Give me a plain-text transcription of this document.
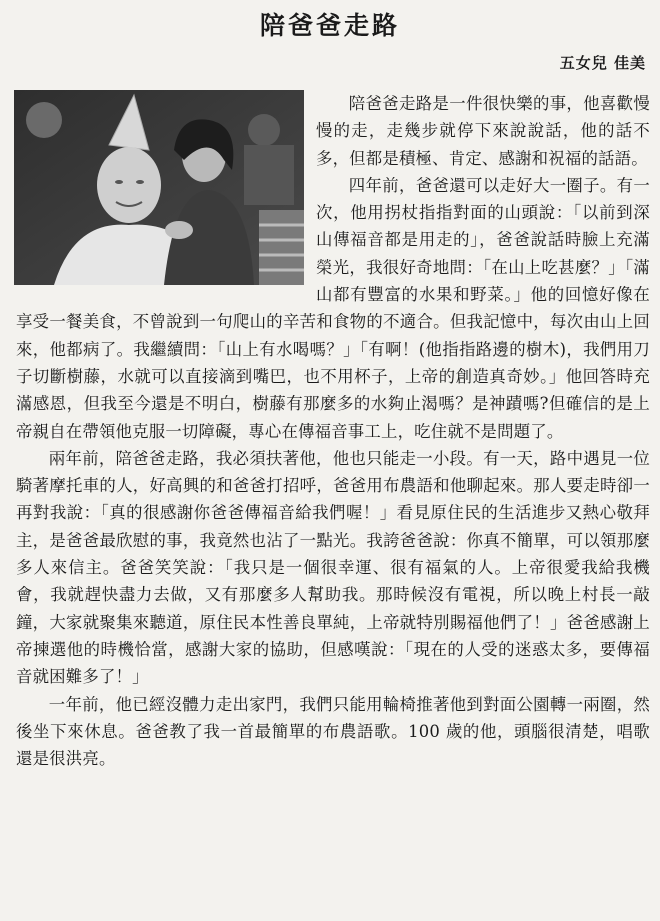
陪爸爸走路
五女兒 佳美

陪爸爸走路是一件很快樂的事，他喜歡慢慢的走，走幾步就停下來說說話，他的話不多，但都是積極、肯定、感謝和祝福的話語。

四年前，爸爸還可以走好大一圈子。有一次，他用拐杖指指對面的山頭說：「以前到深山傳福音都是用走的」，爸爸說話時臉上充滿榮光，我很好奇地問：「在山上吃甚麼？」「滿山都有豐富的水果和野菜。」他的回憶好像在享受一餐美食，不曾說到一句爬山的辛苦和食物的不適合。但我記憶中，每次由山上回來，他都病了。我繼續問：「山上有水喝嗎？」「有啊！(他指指路邊的樹木)，我們用刀子切斷樹藤，水就可以直接滴到嘴巴，也不用杯子，上帝的創造真奇妙。」他回答時充滿感恩，但我至今還是不明白，樹藤有那麼多的水夠止渴嗎？是神蹟嗎?但確信的是上帝親自在帶領他克服一切障礙，專心在傳福音事工上，吃住就不是問題了。

兩年前，陪爸爸走路，我必須扶著他，他也只能走一小段。有一天，路中遇見一位騎著摩托車的人，好高興的和爸爸打招呼，爸爸用布農語和他聊起來。那人要走時卻一再對我說：「真的很感謝你爸爸傳福音給我們喔！」看見原住民的生活進步又熱心敬拜主，是爸爸最欣慰的事，我竟然也沾了一點光。我誇爸爸說：你真不簡單，可以領那麼多人來信主。爸爸笑笑說：「我只是一個很幸運、很有福氣的人。上帝很愛我給我機會，我就趕快盡力去做，又有那麼多人幫助我。那時候沒有電視，所以晚上村長一敲鐘，大家就聚集來聽道，原住民本性善良單純，上帝就特別賜福他們了！」爸爸感謝上帝揀選他的時機恰當，感謝大家的協助，但感嘆說：「現在的人受的迷惑太多，要傳福音就困難多了！」

一年前，他已經沒體力走出家門，我們只能用輪椅推著他到對面公園轉一兩圈，然後坐下來休息。爸爸教了我一首最簡單的布農語歌。100 歲的他，頭腦很清楚，唱歌還是很洪亮。
